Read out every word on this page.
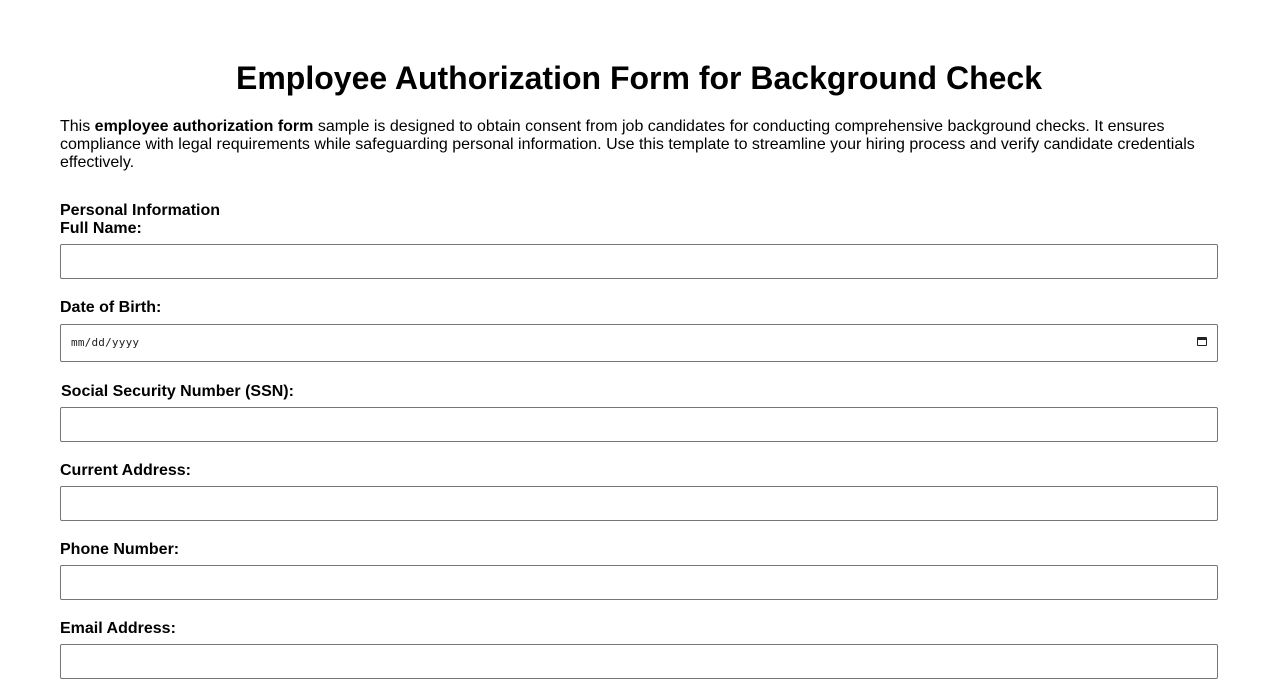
Employee Authorization Form for Background Check

This employee authorization form sample is designed to obtain consent from job candidates for conducting comprehensive background checks. It ensures compliance with legal requirements while safeguarding personal information. Use this template to streamline your hiring process and verify candidate credentials effectively.

Personal Information
Full Name:
Date of Birth:
mm/dd/yyyy
Social Security Number (SSN):
Current Address:
Phone Number:
Email Address:
